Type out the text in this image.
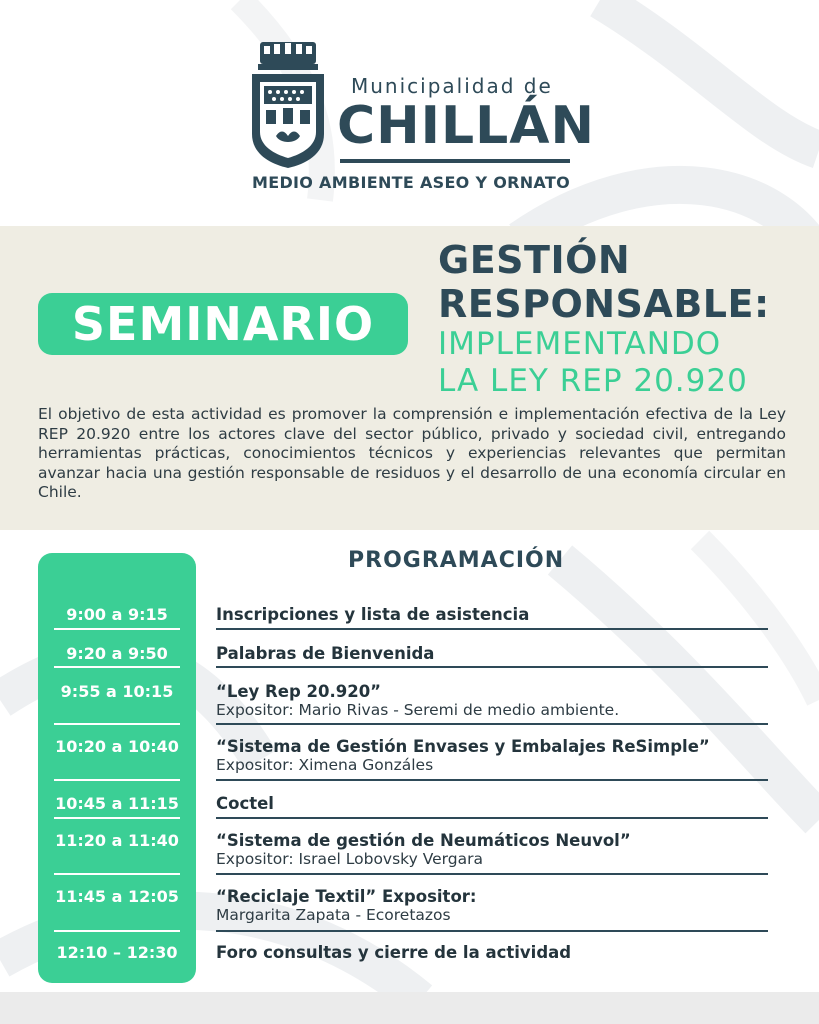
Municipalidad de
CHILLÁN
MEDIO AMBIENTE ASEO Y ORNATO
SEMINARIO
GESTIÓN
RESPONSABLE:
IMPLEMENTANDO
LA LEY REP 20.920
El objetivo de esta actividad es promover la comprensión e implementación efectiva de la Ley REP 20.920 entre los actores clave del sector público, privado y sociedad civil, entregando herramientas prácticas, conocimientos técnicos y experiencias relevantes que permitan avanzar hacia una gestión responsable de residuos y el desarrollo de una economía circular en Chile.
PROGRAMACIÓN
9:00 a 9:15	Inscripciones y lista de asistencia
9:20 a 9:50	Palabras de Bienvenida
9:55 a 10:15	“Ley Rep 20.920”
Expositor: Mario Rivas - Seremi de medio ambiente.
10:20 a 10:40	“Sistema de Gestión Envases y Embalajes ReSimple”
Expositor: Ximena Gonzáles
10:45 a 11:15	Coctel
11:20 a 11:40	“Sistema de gestión de Neumáticos Neuvol”
Expositor: Israel Lobovsky Vergara
11:45 a 12:05	“Reciclaje Textil” Expositor:
Margarita Zapata - Ecoretazos
12:10 – 12:30	Foro consultas y cierre de la actividad
